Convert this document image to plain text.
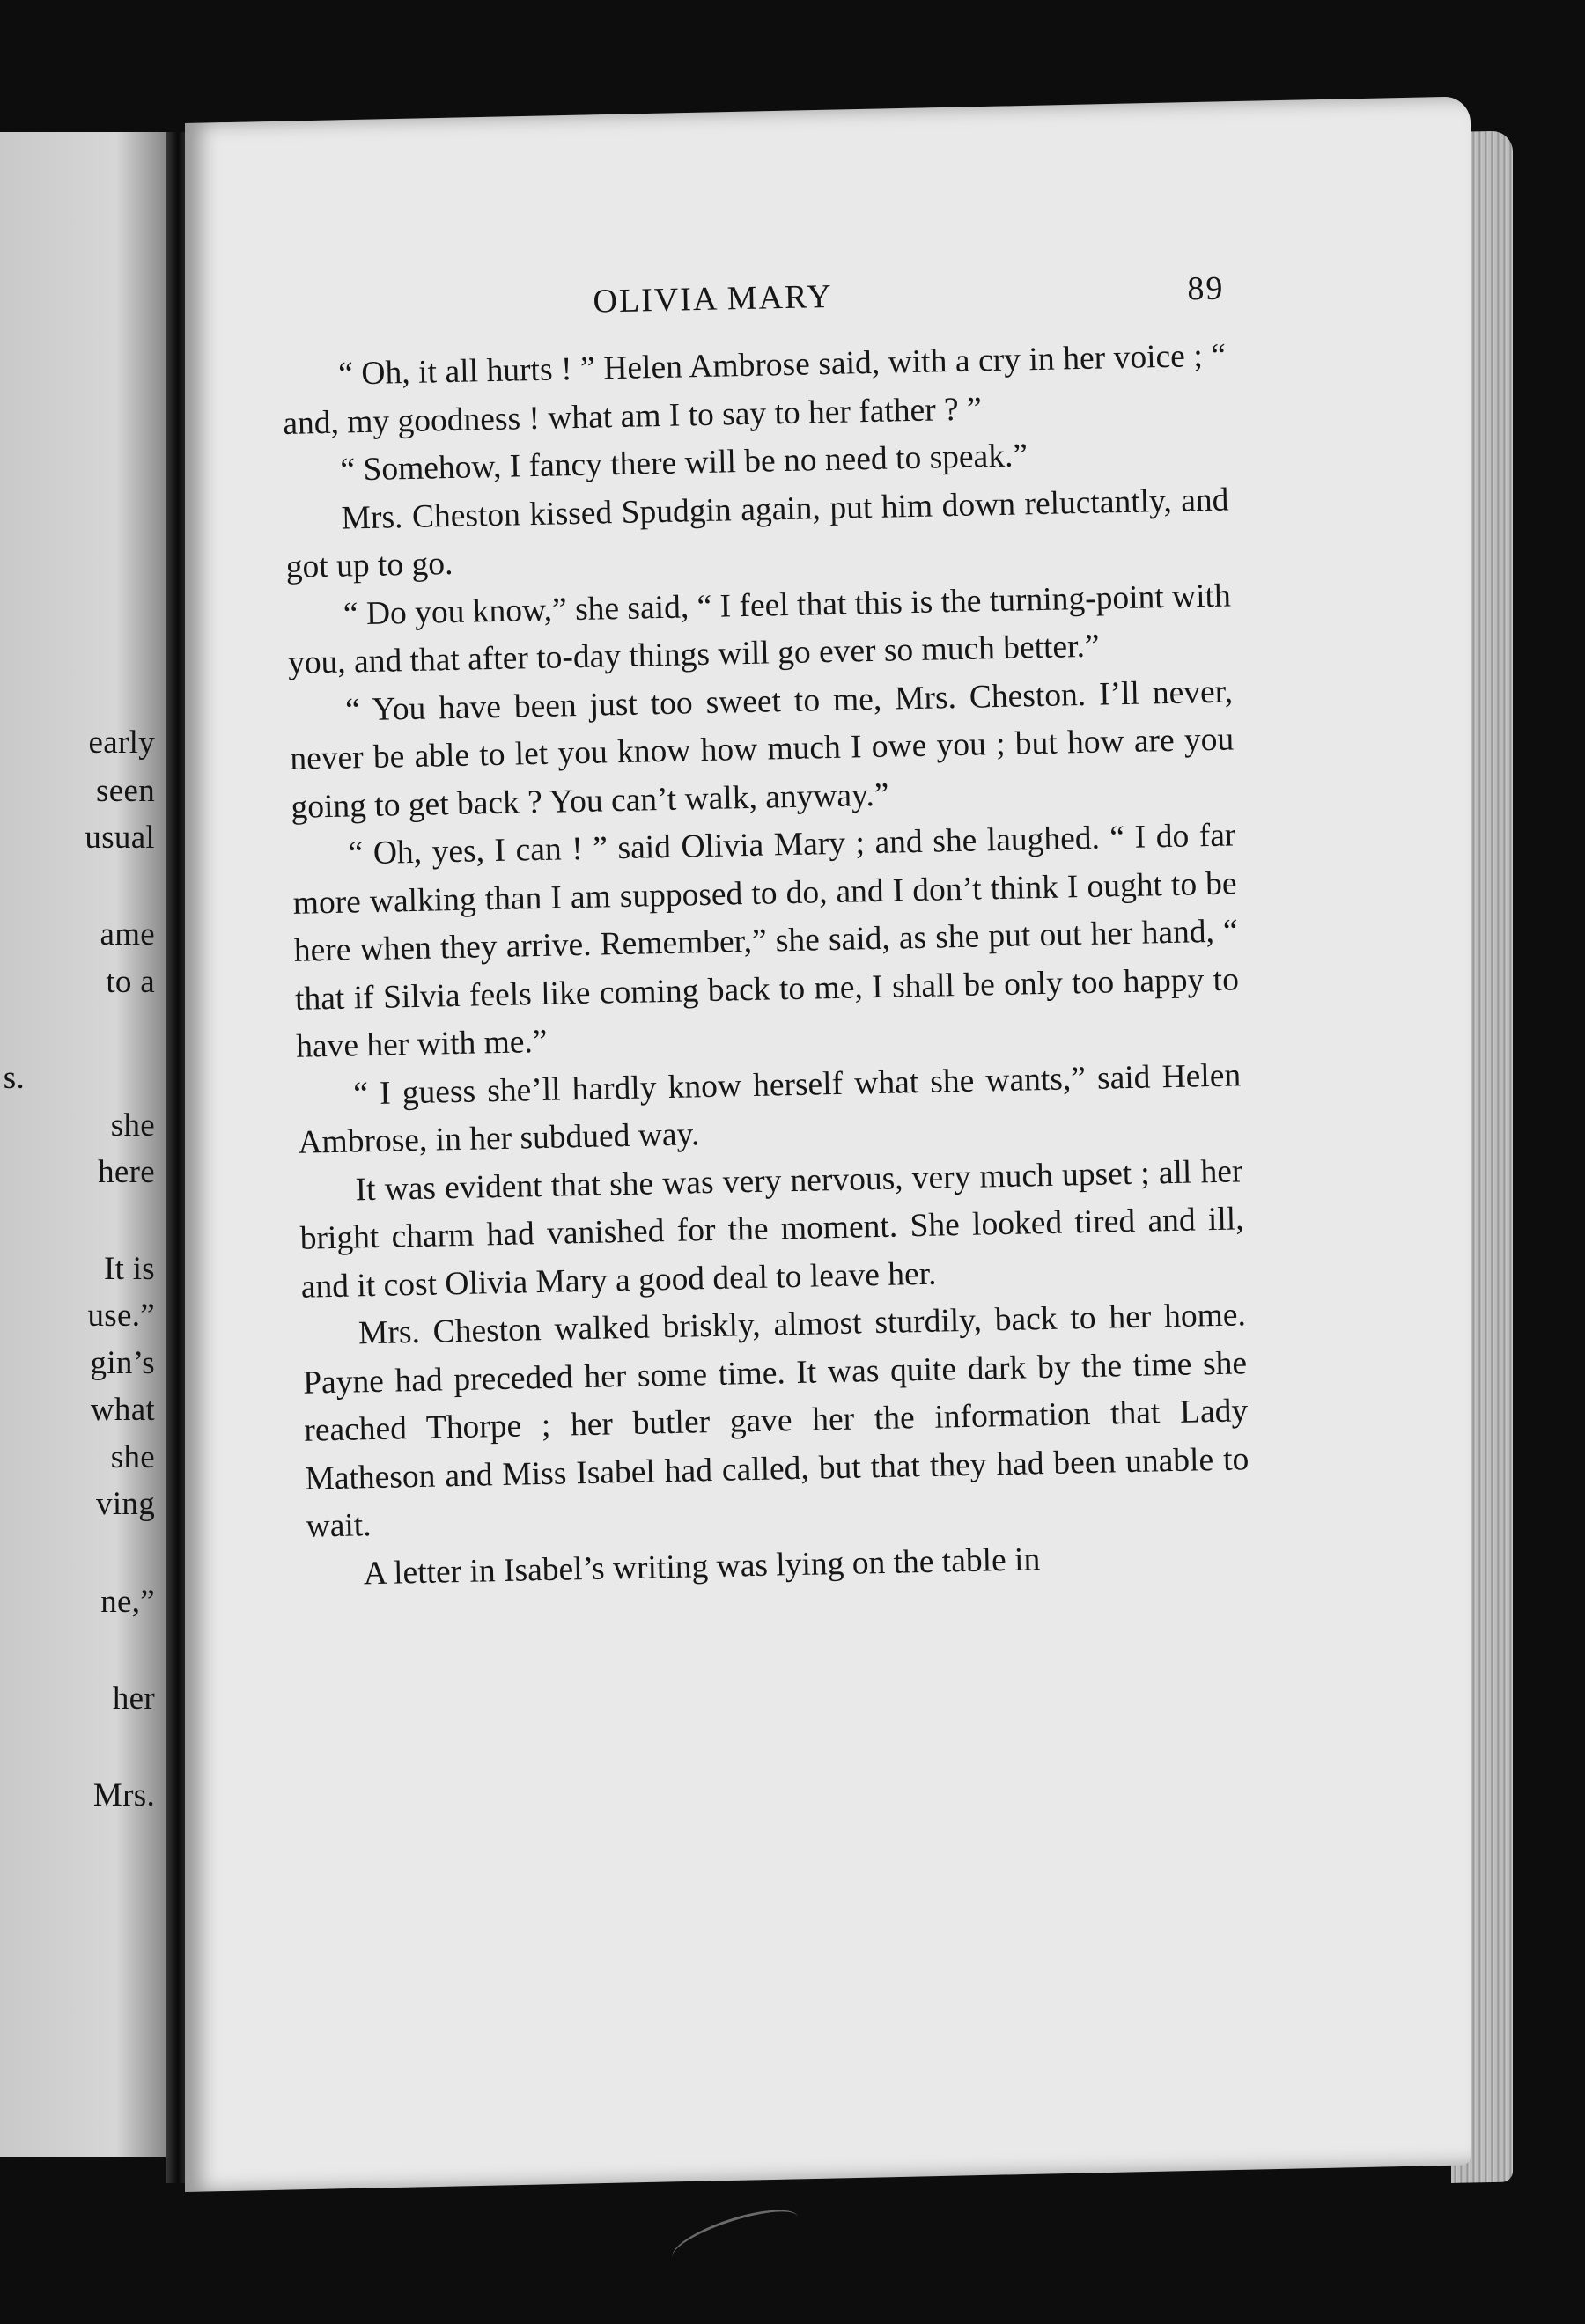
early
seen
usual
ame
to a
s.
she
here
It is
use.”
gin’s
what
she
ving
ne,”
her
Mrs.
OLIVIA MARY	89

“ Oh, it all hurts ! ” Helen Ambrose said, with a cry in her voice ; “ and, my goodness ! what am I to say to her father ? ”

“ Somehow, I fancy there will be no need to speak.”

Mrs. Cheston kissed Spudgin again, put him down reluctantly, and got up to go.

“ Do you know,” she said, “ I feel that this is the turning-point with you, and that after to-day things will go ever so much better.”

“ You have been just too sweet to me, Mrs. Cheston. I’ll never, never be able to let you know how much I owe you ; but how are you going to get back ? You can’t walk, anyway.”

“ Oh, yes, I can ! ” said Olivia Mary ; and she laughed. “ I do far more walking than I am supposed to do, and I don’t think I ought to be here when they arrive. Remember,” she said, as she put out her hand, “ that if Silvia feels like coming back to me, I shall be only too happy to have her with me.”

“ I guess she’ll hardly know herself what she wants,” said Helen Ambrose, in her subdued way.

It was evident that she was very nervous, very much upset ; all her bright charm had vanished for the moment. She looked tired and ill, and it cost Olivia Mary a good deal to leave her.

Mrs. Cheston walked briskly, almost sturdily, back to her home. Payne had preceded her some time. It was quite dark by the time she reached Thorpe ; her butler gave her the information that Lady Matheson and Miss Isabel had called, but that they had been unable to wait.

A letter in Isabel’s writing was lying on the table in
